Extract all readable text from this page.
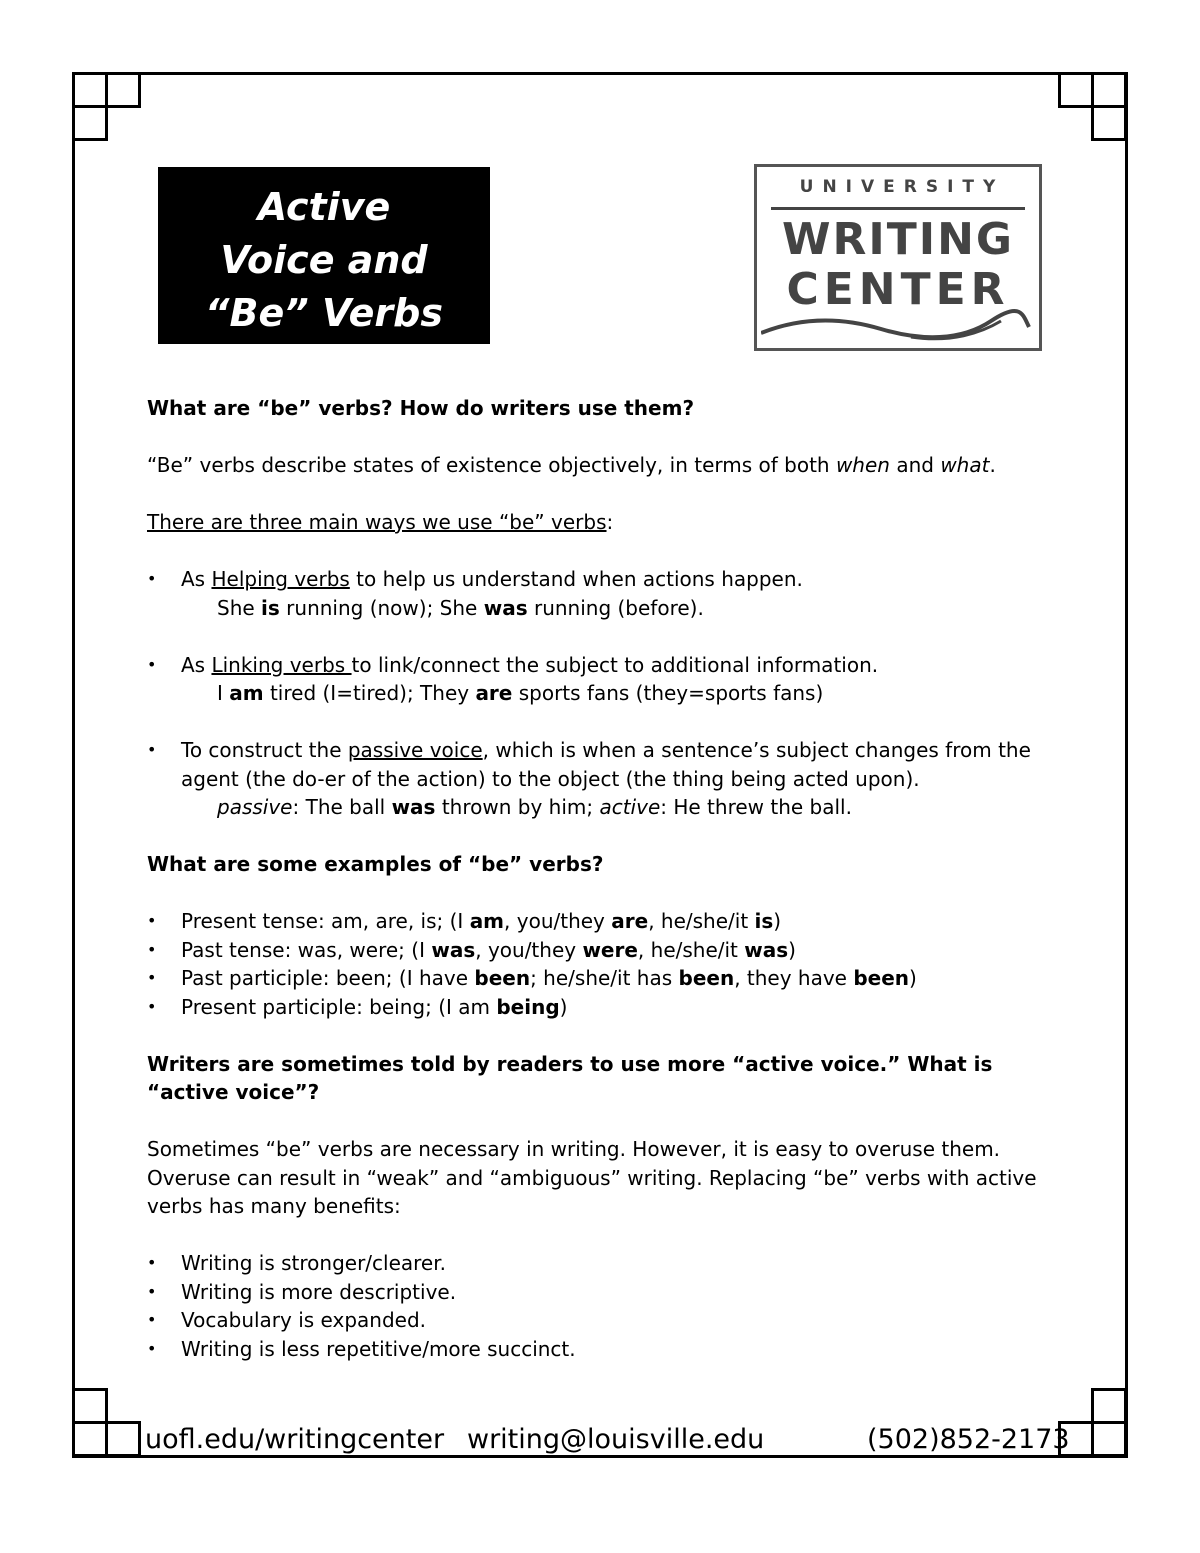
Active
Voice and
“Be” Verbs
UNIVERSITY
WRITING
CENTER

What are “be” verbs? How do writers use them?

“Be” verbs describe states of existence objectively, in terms of both when and what.

There are three main ways we use “be” verbs:

• As Helping verbs to help us understand when actions happen.
She is running (now); She was running (before).
• As Linking verbs to link/connect the subject to additional information.
I am tired (I=tired); They are sports fans (they=sports fans)
• To construct the passive voice, which is when a sentence’s subject changes from the agent (the do-er of the action) to the object (the thing being acted upon).
passive: The ball was thrown by him; active: He threw the ball.

What are some examples of “be” verbs?

• Present tense: am, are, is; (I am, you/they are, he/she/it is)
• Past tense: was, were; (I was, you/they were, he/she/it was)
• Past participle: been; (I have been; he/she/it has been, they have been)
• Present participle: being; (I am being)

Writers are sometimes told by readers to use more “active voice.” What is “active voice”?

Sometimes “be” verbs are necessary in writing. However, it is easy to overuse them. Overuse can result in “weak” and “ambiguous” writing. Replacing “be” verbs with active verbs has many benefits:

• Writing is stronger/clearer.
• Writing is more descriptive.
• Vocabulary is expanded.
• Writing is less repetitive/more succinct.
uofl.edu/writingcenter writing@louisville.edu	(502)852-2173
